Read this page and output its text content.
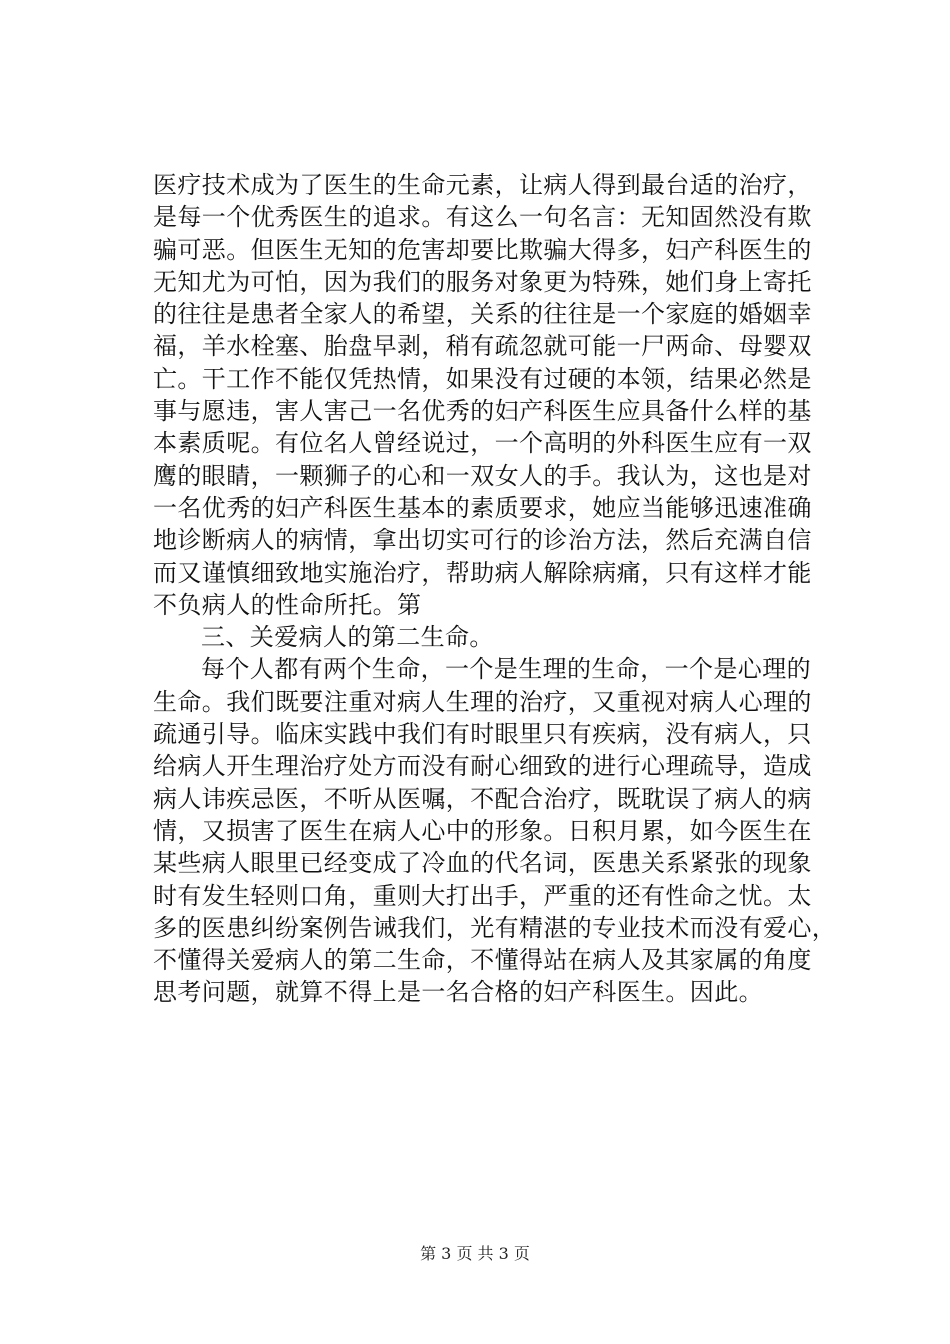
医疗技术成为了医生的生命元素，让病人得到最台适的治疗，
是每一个优秀医生的追求。有这么一句名言：无知固然没有欺
骗可恶。但医生无知的危害却要比欺骗大得多，妇产科医生的
无知尤为可怕，因为我们的服务对象更为特殊，她们身上寄托
的往往是患者全家人的希望，关系的往往是一个家庭的婚姻幸
福，羊水栓塞、胎盘早剥，稍有疏忽就可能一尸两命、母婴双
亡。干工作不能仅凭热情，如果没有过硬的本领，结果必然是
事与愿违，害人害己一名优秀的妇产科医生应具备什么样的基
本素质呢。有位名人曾经说过，一个高明的外科医生应有一双
鹰的眼睛，一颗狮子的心和一双女人的手。我认为，这也是对
一名优秀的妇产科医生基本的素质要求，她应当能够迅速准确
地诊断病人的病情，拿出切实可行的诊治方法，然后充满自信
而又谨慎细致地实施治疗，帮助病人解除病痛，只有这样才能
不负病人的性命所托。第
三、关爱病人的第二生命。
每个人都有两个生命，一个是生理的生命，一个是心理的
生命。我们既要注重对病人生理的治疗，又重视对病人心理的
疏通引导。临床实践中我们有时眼里只有疾病，没有病人，只
给病人开生理治疗处方而没有耐心细致的进行心理疏导，造成
病人讳疾忌医，不听从医嘱，不配合治疗，既耽误了病人的病
情，又损害了医生在病人心中的形象。日积月累，如今医生在
某些病人眼里已经变成了冷血的代名词，医患关系紧张的现象
时有发生轻则口角，重则大打出手，严重的还有性命之忧。太
多的医患纠纷案例告诫我们，光有精湛的专业技术而没有爱心，
不懂得关爱病人的第二生命，不懂得站在病人及其家属的角度
思考问题，就算不得上是一名合格的妇产科医生。因此。
第 3 页 共 3 页
